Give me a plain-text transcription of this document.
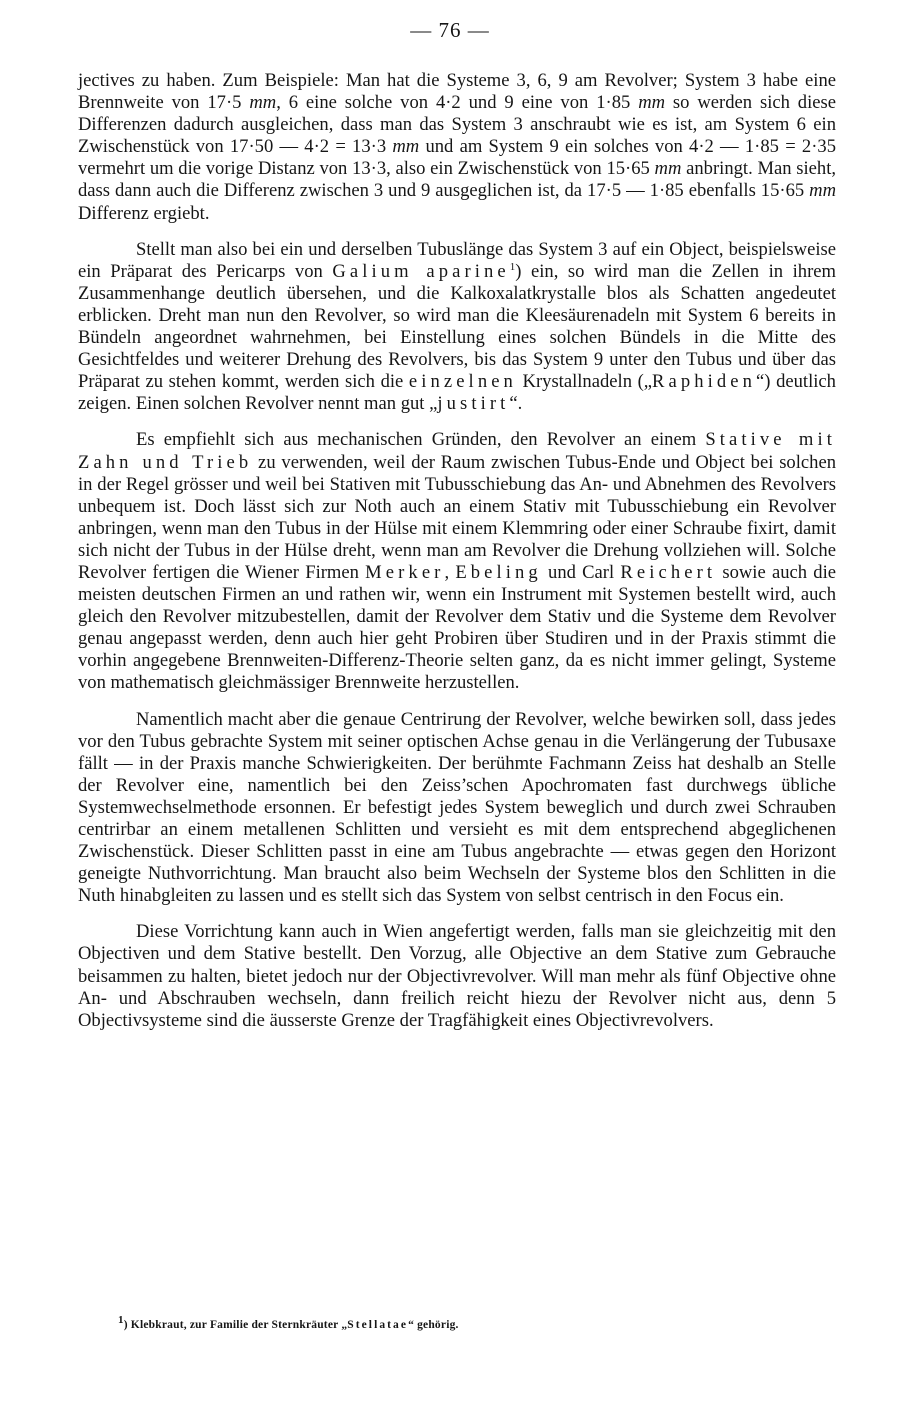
— 76 —

jectives zu haben. Zum Beispiele: Man hat die Systeme 3, 6, 9 am Revolver; System 3 habe eine Brennweite von 17·5 mm, 6 eine solche von 4·2 und 9 eine von 1·85 mm so werden sich diese Differenzen dadurch ausgleichen, dass man das System 3 anschraubt wie es ist, am System 6 ein Zwischenstück von 17·50 — 4·2 = 13·3 mm und am System 9 ein solches von 4·2 — 1·85 = 2·35 vermehrt um die vorige Distanz von 13·3, also ein Zwischenstück von 15·65 mm anbringt. Man sieht, dass dann auch die Differenz zwischen 3 und 9 ausgeglichen ist, da 17·5 — 1·85 ebenfalls 15·65 mm Differenz ergiebt.

Stellt man also bei ein und derselben Tubuslänge das System 3 auf ein Object, beispielsweise ein Präparat des Pericarps von Galium aparine$^1$) ein, so wird man die Zellen in ihrem Zusammenhange deutlich übersehen, und die Kalkoxalatkrystalle blos als Schatten angedeutet erblicken. Dreht man nun den Revolver, so wird man die Kleesäurenadeln mit System 6 bereits in Bündeln angeordnet wahrnehmen, bei Einstellung eines solchen Bündels in die Mitte des Gesichtfeldes und weiterer Drehung des Revolvers, bis das System 9 unter den Tubus und über das Präparat zu stehen kommt, werden sich die einzelnen Krystallnadeln („Raphiden“) deutlich zeigen. Einen solchen Revolver nennt man gut „justirt“.

Es empfiehlt sich aus mechanischen Gründen, den Revolver an einem Stative mit Zahn und Trieb zu verwenden, weil der Raum zwischen Tubus-Ende und Object bei solchen in der Regel grösser und weil bei Stativen mit Tubusschiebung das An- und Abnehmen des Revolvers unbequem ist. Doch lässt sich zur Noth auch an einem Stativ mit Tubusschiebung ein Revolver anbringen, wenn man den Tubus in der Hülse mit einem Klemmring oder einer Schraube fixirt, damit sich nicht der Tubus in der Hülse dreht, wenn man am Revolver die Drehung vollziehen will. Solche Revolver fertigen die Wiener Firmen Merker, Ebeling und Carl Reichert sowie auch die meisten deutschen Firmen an und rathen wir, wenn ein Instrument mit Systemen bestellt wird, auch gleich den Revolver mitzubestellen, damit der Revolver dem Stativ und die Systeme dem Revolver genau angepasst werden, denn auch hier geht Probiren über Studiren und in der Praxis stimmt die vorhin angegebene Brennweiten-Differenz-Theorie selten ganz, da es nicht immer gelingt, Systeme von mathematisch gleichmässiger Brennweite herzustellen.

Namentlich macht aber die genaue Centrirung der Revolver, welche bewirken soll, dass jedes vor den Tubus gebrachte System mit seiner optischen Achse genau in die Verlängerung der Tubusaxe fällt — in der Praxis manche Schwierigkeiten. Der berühmte Fachmann Zeiss hat deshalb an Stelle der Revolver eine, namentlich bei den Zeiss’schen Apochromaten fast durchwegs übliche Systemwechselmethode ersonnen. Er befestigt jedes System beweglich und durch zwei Schrauben centrirbar an einem metallenen Schlitten und versieht es mit dem entsprechend abgeglichenen Zwischenstück. Dieser Schlitten passt in eine am Tubus angebrachte — etwas gegen den Horizont geneigte Nuthvorrichtung. Man braucht also beim Wechseln der Systeme blos den Schlitten in die Nuth hinabgleiten zu lassen und es stellt sich das System von selbst centrisch in den Focus ein.

Diese Vorrichtung kann auch in Wien angefertigt werden, falls man sie gleichzeitig mit den Objectiven und dem Stative bestellt. Den Vorzug, alle Objective an dem Stative zum Gebrauche beisammen zu halten, bietet jedoch nur der Objectivrevolver. Will man mehr als fünf Objective ohne An- und Abschrauben wechseln, dann freilich reicht hiezu der Revolver nicht aus, denn 5 Objectivsysteme sind die äusserste Grenze der Tragfähigkeit eines Objectivrevolvers.

1) Klebkraut, zur Familie der Sternkräuter „Stellatae“ gehörig.
